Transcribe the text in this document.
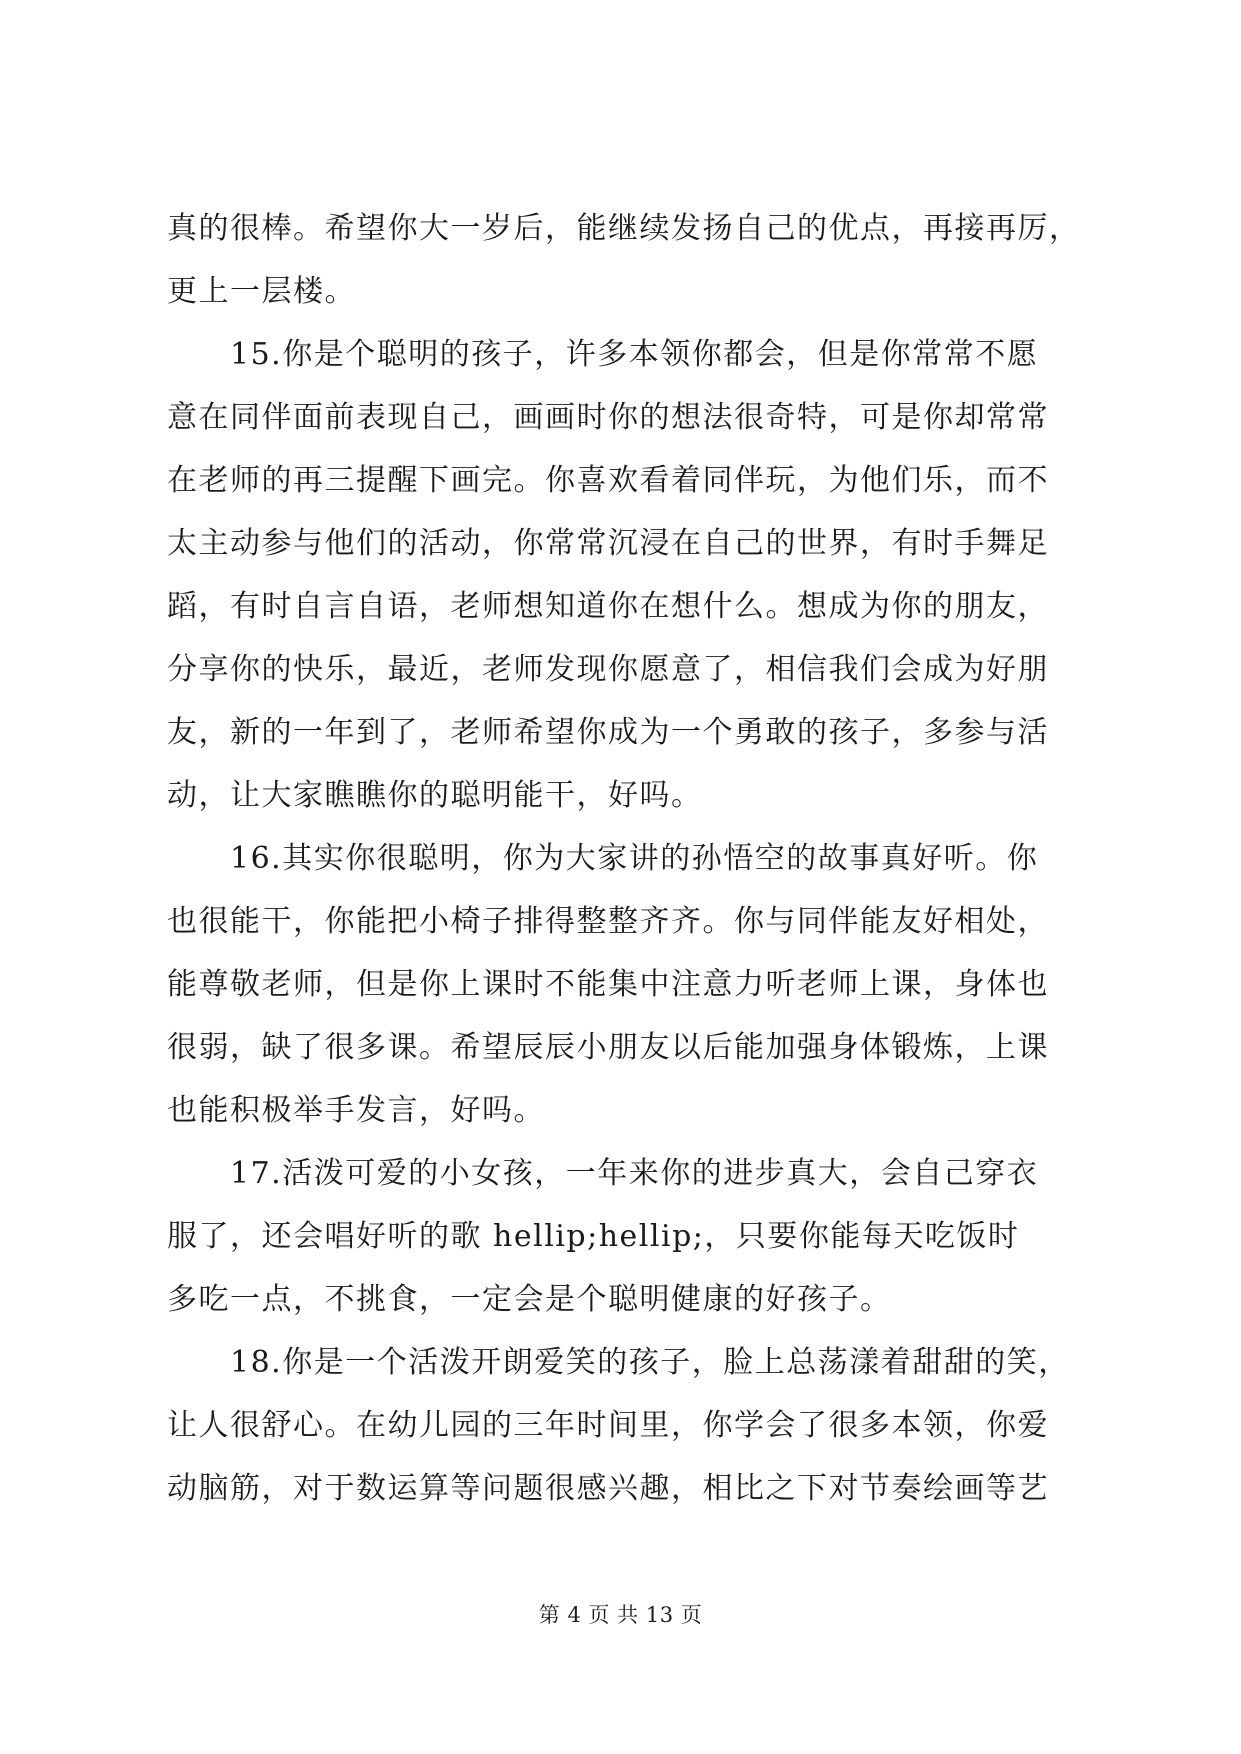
真的很棒。希望你大一岁后，能继续发扬自己的优点，再接再厉，
更上一层楼。
　　15.你是个聪明的孩子，许多本领你都会，但是你常常不愿
意在同伴面前表现自己，画画时你的想法很奇特，可是你却常常
在老师的再三提醒下画完。你喜欢看着同伴玩，为他们乐，而不
太主动参与他们的活动，你常常沉浸在自己的世界，有时手舞足
蹈，有时自言自语，老师想知道你在想什么。想成为你的朋友，
分享你的快乐，最近，老师发现你愿意了，相信我们会成为好朋
友，新的一年到了，老师希望你成为一个勇敢的孩子，多参与活
动，让大家瞧瞧你的聪明能干，好吗。
　　16.其实你很聪明，你为大家讲的孙悟空的故事真好听。你
也很能干，你能把小椅子排得整整齐齐。你与同伴能友好相处，
能尊敬老师，但是你上课时不能集中注意力听老师上课，身体也
很弱，缺了很多课。希望辰辰小朋友以后能加强身体锻炼，上课
也能积极举手发言，好吗。
　　17.活泼可爱的小女孩，一年来你的进步真大，会自己穿衣
服了，还会唱好听的歌 hellip;hellip;，只要你能每天吃饭时
多吃一点，不挑食，一定会是个聪明健康的好孩子。
　　18.你是一个活泼开朗爱笑的孩子，脸上总荡漾着甜甜的笑，
让人很舒心。在幼儿园的三年时间里，你学会了很多本领，你爱
动脑筋，对于数运算等问题很感兴趣，相比之下对节奏绘画等艺
第 4 页 共 13 页
